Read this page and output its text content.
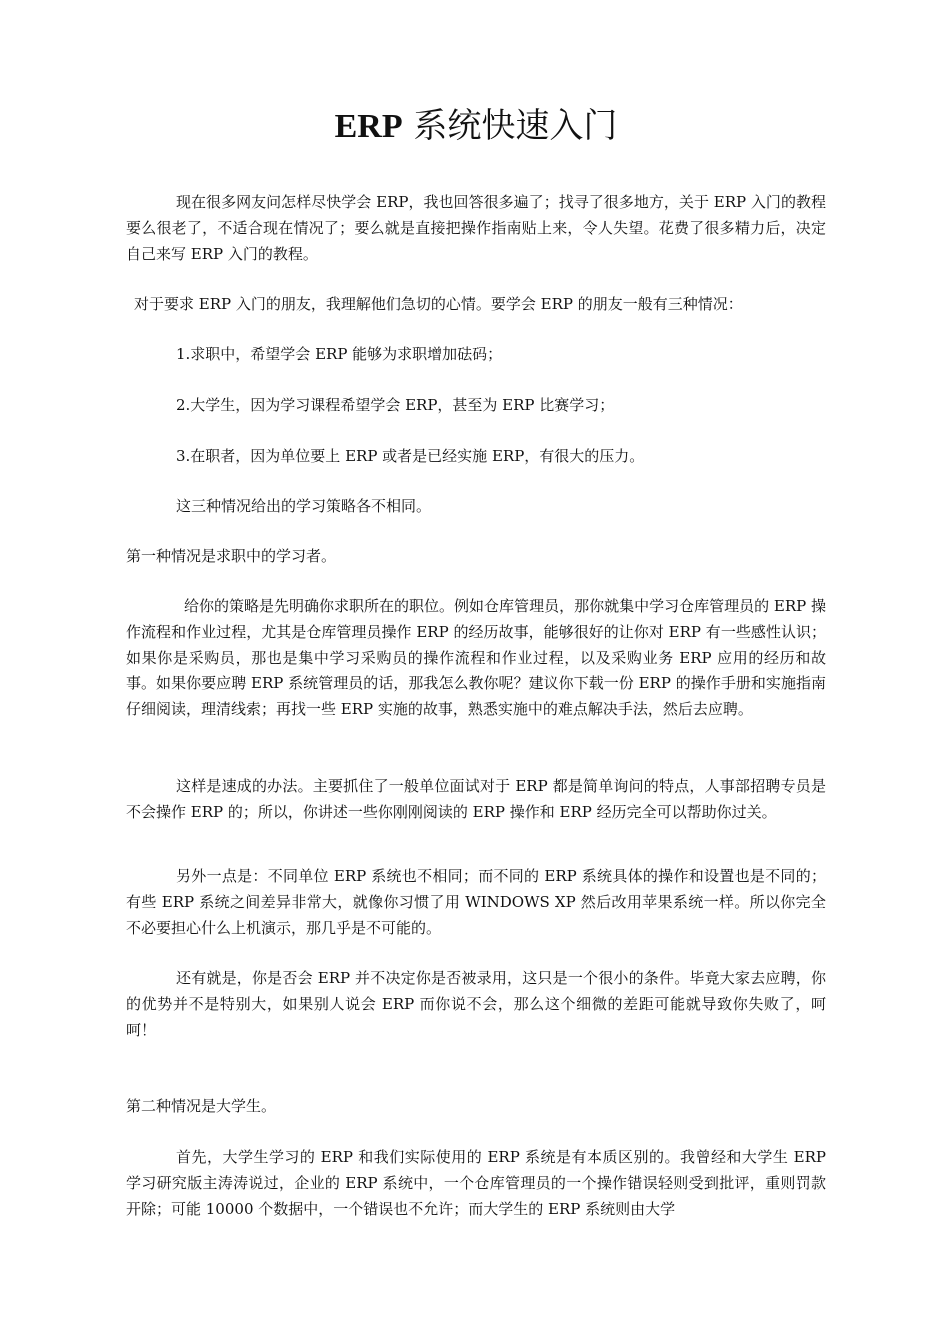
ERP 系统快速入门

现在很多网友问怎样尽快学会 ERP，我也回答很多遍了；找寻了很多地方，关于 ERP 入门的教程要么很老了，不适合现在情况了；要么就是直接把操作指南贴上来，令人失望。花费了很多精力后，决定自己来写 ERP 入门的教程。

对于要求 ERP 入门的朋友，我理解他们急切的心情。要学会 ERP 的朋友一般有三种情况：

1.求职中，希望学会 ERP 能够为求职增加砝码；

2.大学生，因为学习课程希望学会 ERP，甚至为 ERP 比赛学习；

3.在职者，因为单位要上 ERP 或者是已经实施 ERP，有很大的压力。

这三种情况给出的学习策略各不相同。

第一种情况是求职中的学习者。

给你的策略是先明确你求职所在的职位。例如仓库管理员，那你就集中学习仓库管理员的 ERP 操作流程和作业过程，尤其是仓库管理员操作 ERP 的经历故事，能够很好的让你对 ERP 有一些感性认识；如果你是采购员，那也是集中学习采购员的操作流程和作业过程，以及采购业务 ERP 应用的经历和故事。如果你要应聘 ERP 系统管理员的话，那我怎么教你呢？建议你下载一份 ERP 的操作手册和实施指南仔细阅读，理清线索；再找一些 ERP 实施的故事，熟悉实施中的难点解决手法，然后去应聘。

这样是速成的办法。主要抓住了一般单位面试对于 ERP 都是简单询问的特点，人事部招聘专员是不会操作 ERP 的；所以，你讲述一些你刚刚阅读的 ERP 操作和 ERP 经历完全可以帮助你过关。

另外一点是：不同单位 ERP 系统也不相同；而不同的 ERP 系统具体的操作和设置也是不同的；有些 ERP 系统之间差异非常大，就像你习惯了用 WINDOWS XP 然后改用苹果系统一样。所以你完全不必要担心什么上机演示，那几乎是不可能的。

还有就是，你是否会 ERP 并不决定你是否被录用，这只是一个很小的条件。毕竟大家去应聘，你的优势并不是特别大，如果别人说会 ERP 而你说不会，那么这个细微的差距可能就导致你失败了，呵呵！

第二种情况是大学生。

首先，大学生学习的 ERP 和我们实际使用的 ERP 系统是有本质区别的。我曾经和大学生 ERP 学习研究版主涛涛说过，企业的 ERP 系统中，一个仓库管理员的一个操作错误轻则受到批评，重则罚款开除；可能 10000 个数据中，一个错误也不允许；而大学生的 ERP 系统则由大学
